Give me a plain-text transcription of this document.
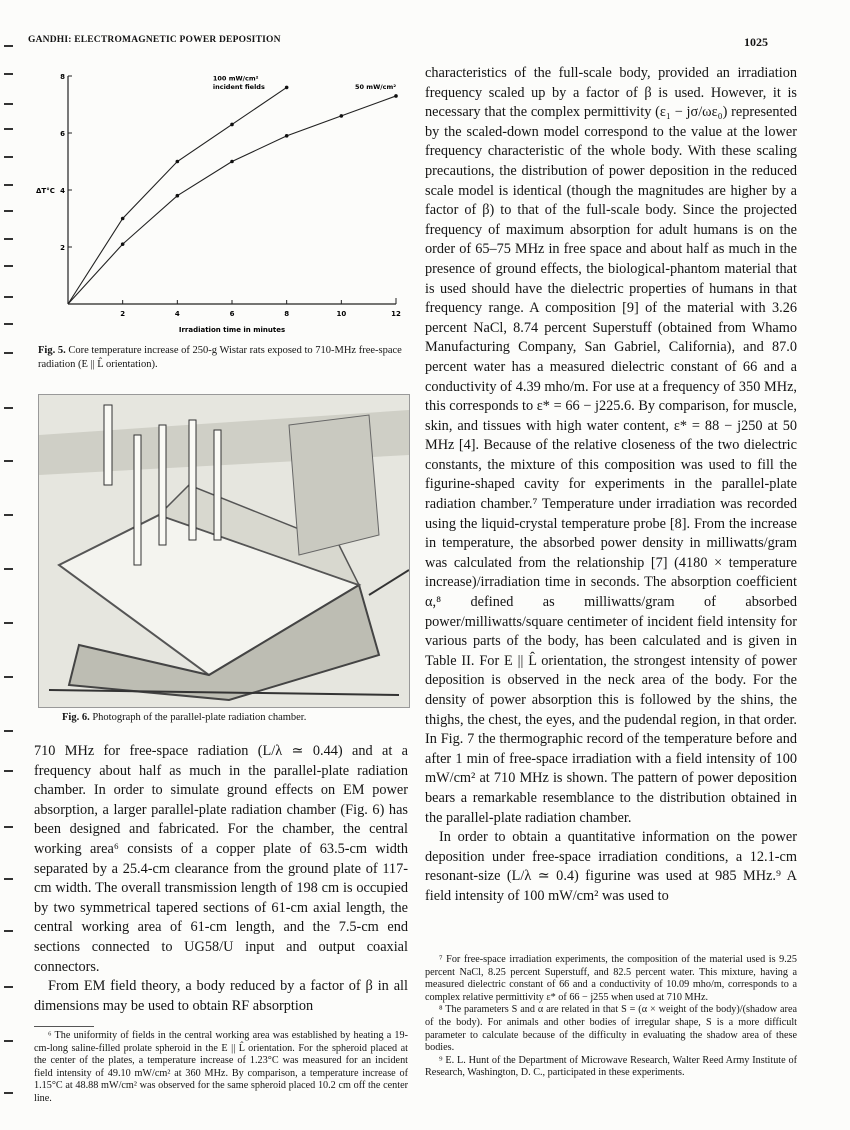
GANDHI: ELECTROMAGNETIC POWER DEPOSITION	1025
2	4	6	8	10	12
2
4
6
8
ΔT°C
Irradiation time in minutes
100 mW/cm²
incident fields	50 mW/cm²
Fig. 5. Core temperature increase of 250-g Wistar rats exposed to 710-MHz free-space radiation (E || L̂ orientation).
Fig. 6. Photograph of the parallel-plate radiation chamber.

710 MHz for free-space radiation (L/λ ≃ 0.44) and at a frequency about half as much in the parallel-plate radiation chamber. In order to simulate ground effects on EM power absorption, a larger parallel-plate radiation chamber (Fig. 6) has been designed and fabricated. For the chamber, the central working area⁶ consists of a copper plate of 63.5-cm width separated by a 25.4-cm clearance from the ground plate of 117-cm width. The overall transmission length of 198 cm is occupied by two symmetrical tapered sections of 61-cm axial length, the central working area of 61-cm length, and the 7.5-cm end sections connected to UG58/U input and output coaxial connectors.

From EM field theory, a body reduced by a factor of β in all dimensions may be used to obtain RF absorption

⁶ The uniformity of fields in the central working area was established by heating a 19-cm-long saline-filled prolate spheroid in the E || L̂ orientation. For the spheroid placed at the center of the plates, a temperature increase of 1.23°C was measured for an incident field intensity of 49.10 mW/cm² at 360 MHz. By comparison, a temperature increase of 1.15°C at 48.88 mW/cm² was observed for the same spheroid placed 10.2 cm off the center line.

characteristics of the full-scale body, provided an irradiation frequency scaled up by a factor of β is used. However, it is necessary that the complex permittivity (ε₁ − jσ/ωε₀) represented by the scaled-down model correspond to the value at the lower frequency characteristic of the whole body. With these scaling precautions, the distribution of power deposition in the reduced scale model is identical (though the magnitudes are higher by a factor of β) to that of the full-scale body. Since the projected frequency of maximum absorption for adult humans is on the order of 65–75 MHz in free space and about half as much in the presence of ground effects, the biological-phantom material that is used should have the dielectric properties of humans in that frequency range. A composition [9] of the material with 3.26 percent NaCl, 8.74 percent Superstuff (obtained from Whamo Manufacturing Company, San Gabriel, California), and 87.0 percent water has a measured dielectric constant of 66 and a conductivity of 4.39 mho/m. For use at a frequency of 350 MHz, this corresponds to ε* = 66 − j225.6. By comparison, for muscle, skin, and tissues with high water content, ε* = 88 − j250 at 50 MHz [4]. Because of the relative closeness of the two dielectric constants, the mixture of this composition was used to fill the figurine-shaped cavity for experiments in the parallel-plate radiation chamber.⁷ Temperature under irradiation was recorded using the liquid-crystal temperature probe [8]. From the increase in temperature, the absorbed power density in milliwatts/gram was calculated from the relationship [7] (4180 × temperature increase)/irradiation time in seconds. The absorption coefficient α,⁸ defined as milliwatts/gram of absorbed power/milliwatts/square centimeter of incident field intensity for various parts of the body, has been calculated and is given in Table II. For E || L̂ orientation, the strongest intensity of power deposition is observed in the neck area of the body. For the density of power absorption this is followed by the shins, the thighs, the chest, the eyes, and the pudendal region, in that order. In Fig. 7 the thermographic record of the temperature before and after 1 min of free-space irradiation with a field intensity of 100 mW/cm² at 710 MHz is shown. The pattern of power deposition bears a remarkable resemblance to the distribution obtained in the parallel-plate radiation chamber.

In order to obtain a quantitative information on the power deposition under free-space irradiation conditions, a 12.1-cm resonant-size (L/λ ≃ 0.4) figurine was used at 985 MHz.⁹ A field intensity of 100 mW/cm² was used to

⁷ For free-space irradiation experiments, the composition of the material used is 9.25 percent NaCl, 8.25 percent Superstuff, and 82.5 percent water. This mixture, having a measured dielectric constant of 66 and a conductivity of 10.09 mho/m, corresponds to a complex relative permittivity ε* of 66 − j255 when used at 710 MHz.

⁸ The parameters S and α are related in that S = (α × weight of the body)/(shadow area of the body). For animals and other bodies of irregular shape, S is a more difficult parameter to calculate because of the difficulty in evaluating the shadow area of these bodies.

⁹ E. L. Hunt of the Department of Microwave Research, Walter Reed Army Institute of Research, Washington, D. C., participated in these experiments.
